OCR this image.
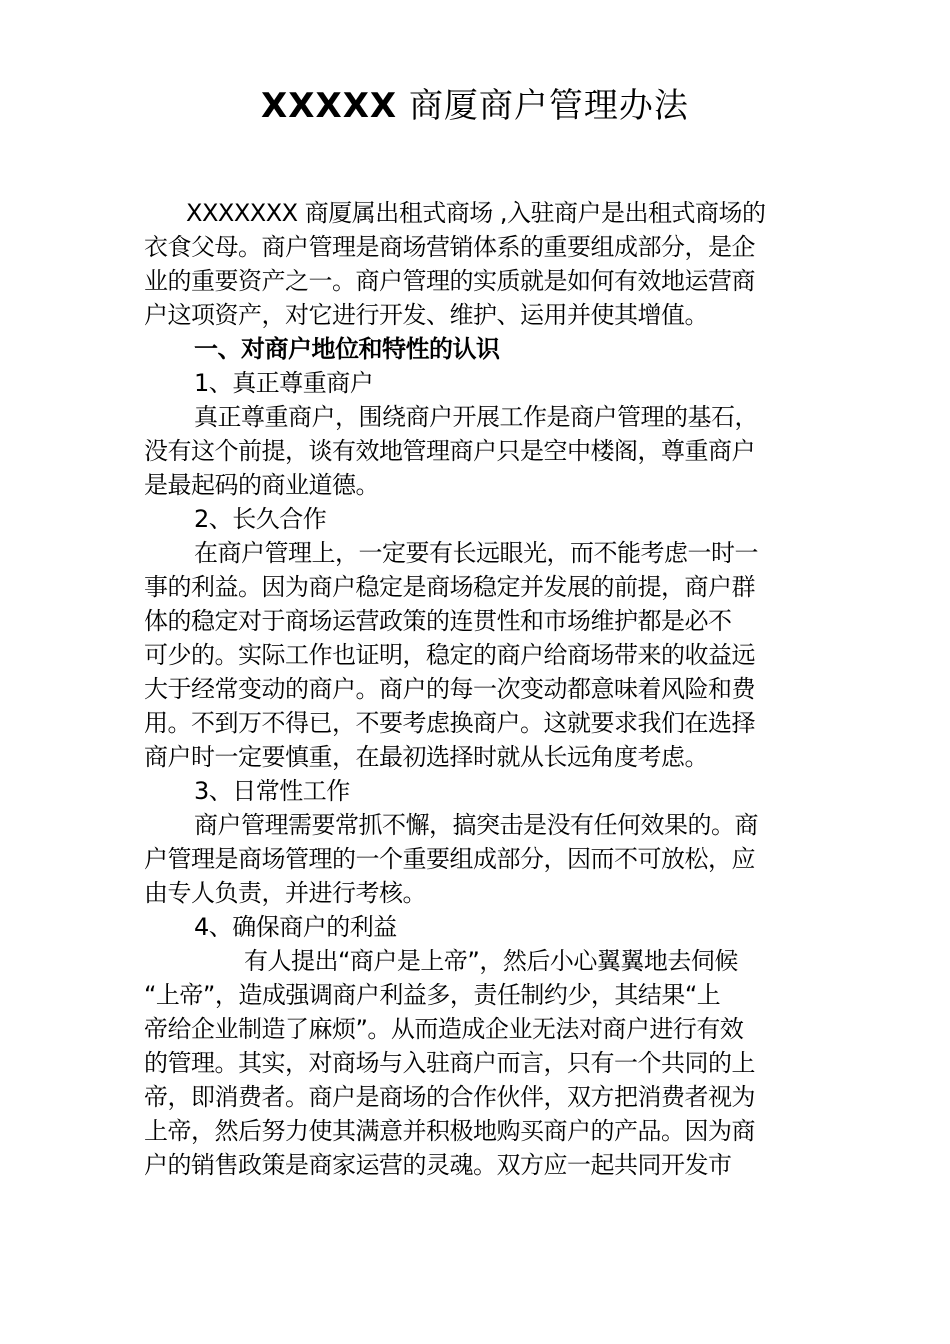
XXXXX 商厦商户管理办法
XXXXXXX 商厦属出租式商场 ,入驻商户是出租式商场的
衣食父母。商户管理是商场营销体系的重要组成部分，是企
业的重要资产之一。商户管理的实质就是如何有效地运营商
户这项资产，对它进行开发、维护、运用并使其增值。
一、对商户地位和特性的认识
1、真正尊重商户
真正尊重商户，围绕商户开展工作是商户管理的基石，
没有这个前提，谈有效地管理商户只是空中楼阁，尊重商户
是最起码的商业道德。
2、长久合作
在商户管理上，一定要有长远眼光，而不能考虑一时一
事的利益。因为商户稳定是商场稳定并发展的前提，商户群
体的稳定对于商场运营政策的连贯性和市场维护都是必不
可少的。实际工作也证明，稳定的商户给商场带来的收益远
大于经常变动的商户。商户的每一次变动都意味着风险和费
用。不到万不得已，不要考虑换商户。这就要求我们在选择
商户时一定要慎重，在最初选择时就从长远角度考虑。
3、日常性工作
商户管理需要常抓不懈，搞突击是没有任何效果的。商
户管理是商场管理的一个重要组成部分，因而不可放松，应
由专人负责，并进行考核。
4、确保商户的利益
有人提出“商户是上帝”，然后小心翼翼地去伺候
“上帝”，造成强调商户利益多，责任制约少，其结果“上
帝给企业制造了麻烦”。从而造成企业无法对商户进行有效
的管理。其实，对商场与入驻商户而言，只有一个共同的上
帝，即消费者。商户是商场的合作伙伴，双方把消费者视为
上帝，然后努力使其满意并积极地购买商户的产品。因为商
户的销售政策是商家运营的灵魂。双方应一起共同开发市
